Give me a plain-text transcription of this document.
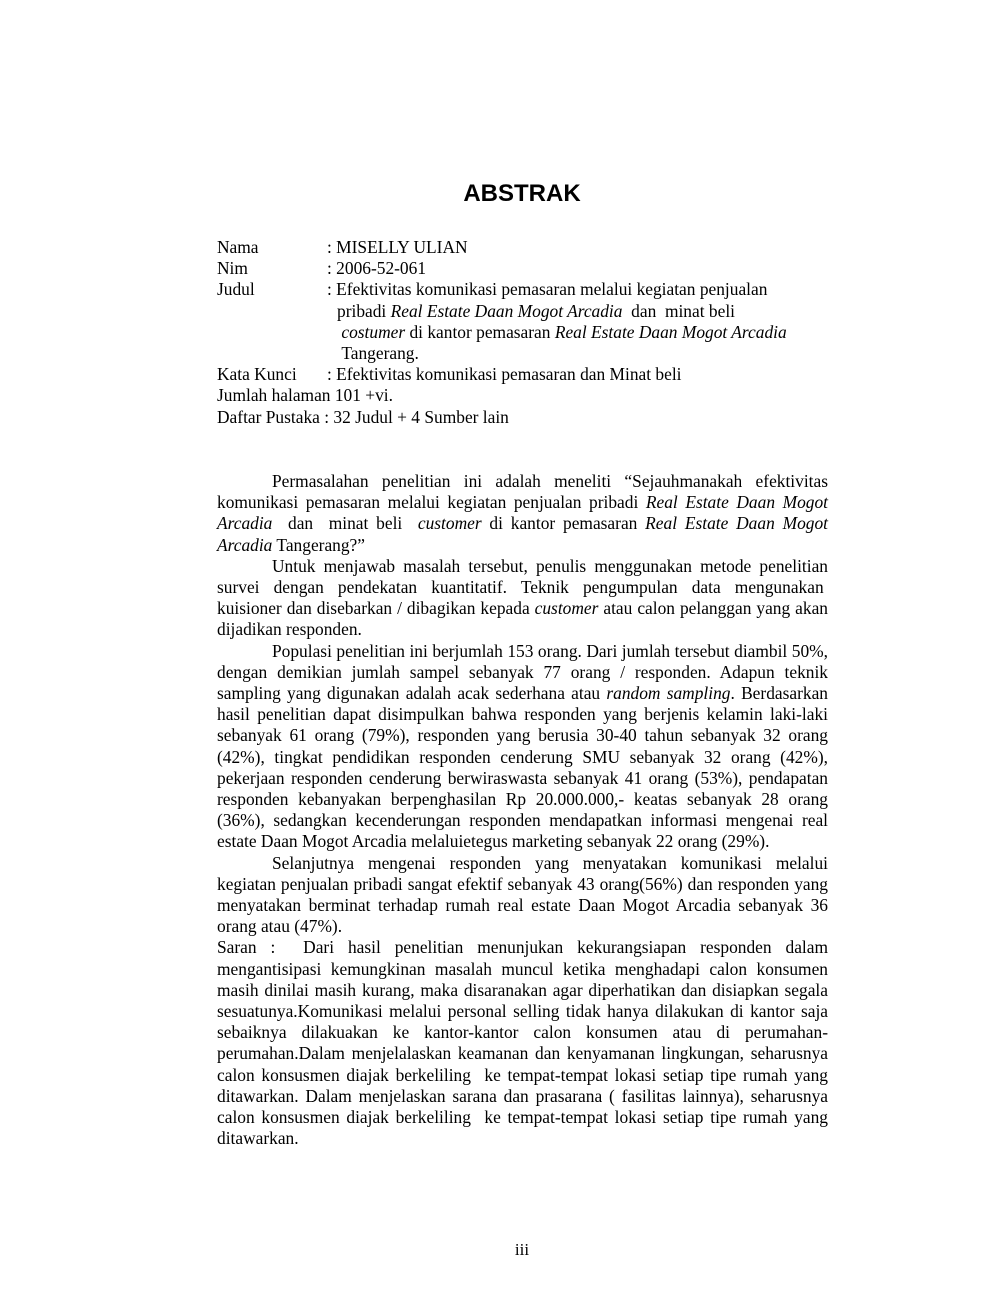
ABSTRAK
Nama	: MISELLY ULIAN
Nim	: 2006-52-061
Judul	: Efektivitas komunikasi pemasaran melalui kegiatan penjualan
pribadi Real Estate Daan Mogot Arcadia  dan  minat beli
costumer di kantor pemasaran Real Estate Daan Mogot Arcadia
Tangerang.
Kata Kunci : Efektivitas komunikasi pemasaran dan Minat beli
Jumlah halaman 101 +vi.
Daftar Pustaka : 32 Judul + 4 Sumber lain

Permasalahan penelitian ini adalah meneliti “Sejauhmanakah efektivitas komunikasi pemasaran melalui kegiatan penjualan pribadi Real Estate Daan Mogot Arcadia  dan  minat beli  customer di kantor pemasaran Real Estate Daan Mogot Arcadia Tangerang?”

Untuk menjawab masalah tersebut, penulis menggunakan metode penelitian survei dengan pendekatan kuantitatif. Teknik pengumpulan data mengunakan  kuisioner dan disebarkan / dibagikan kepada customer atau calon pelanggan yang akan dijadikan responden.

Populasi penelitian ini berjumlah 153 orang. Dari jumlah tersebut diambil 50%, dengan demikian jumlah sampel sebanyak 77 orang / responden. Adapun teknik sampling yang digunakan adalah acak sederhana atau random sampling. Berdasarkan hasil penelitian dapat disimpulkan bahwa responden yang berjenis kelamin laki-laki sebanyak 61 orang (79%), responden yang berusia 30-40 tahun sebanyak 32 orang (42%), tingkat pendidikan responden cenderung SMU sebanyak 32 orang (42%), pekerjaan responden cenderung berwiraswasta sebanyak 41 orang (53%), pendapatan responden kebanyakan berpenghasilan Rp 20.000.000,- keatas sebanyak 28 orang (36%), sedangkan kecenderungan responden mendapatkan informasi mengenai real estate Daan Mogot Arcadia melaluietegus marketing sebanyak 22 orang (29%).

Selanjutnya mengenai responden yang menyatakan komunikasi melalui kegiatan penjualan pribadi sangat efektif sebanyak 43 orang(56%) dan responden yang menyatakan berminat terhadap rumah real estate Daan Mogot Arcadia sebanyak 36 orang atau (47%).

Saran :  Dari hasil penelitian menunjukan kekurangsiapan responden dalam mengantisipasi kemungkinan masalah muncul ketika menghadapi calon konsumen masih dinilai masih kurang, maka disaranakan agar diperhatikan dan disiapkan segala sesuatunya.Komunikasi melalui personal selling tidak hanya dilakukan di kantor saja sebaiknya dilakuakan ke kantor-kantor calon konsumen atau di perumahan-perumahan.Dalam menjelalaskan keamanan dan kenyamanan lingkungan, seharusnya calon konsusmen diajak berkeliling  ke tempat-tempat lokasi setiap tipe rumah yang ditawarkan. Dalam menjelaskan sarana dan prasarana ( fasilitas lainnya), seharusnya calon konsusmen diajak berkeliling  ke tempat-tempat lokasi setiap tipe rumah yang ditawarkan.

iii
